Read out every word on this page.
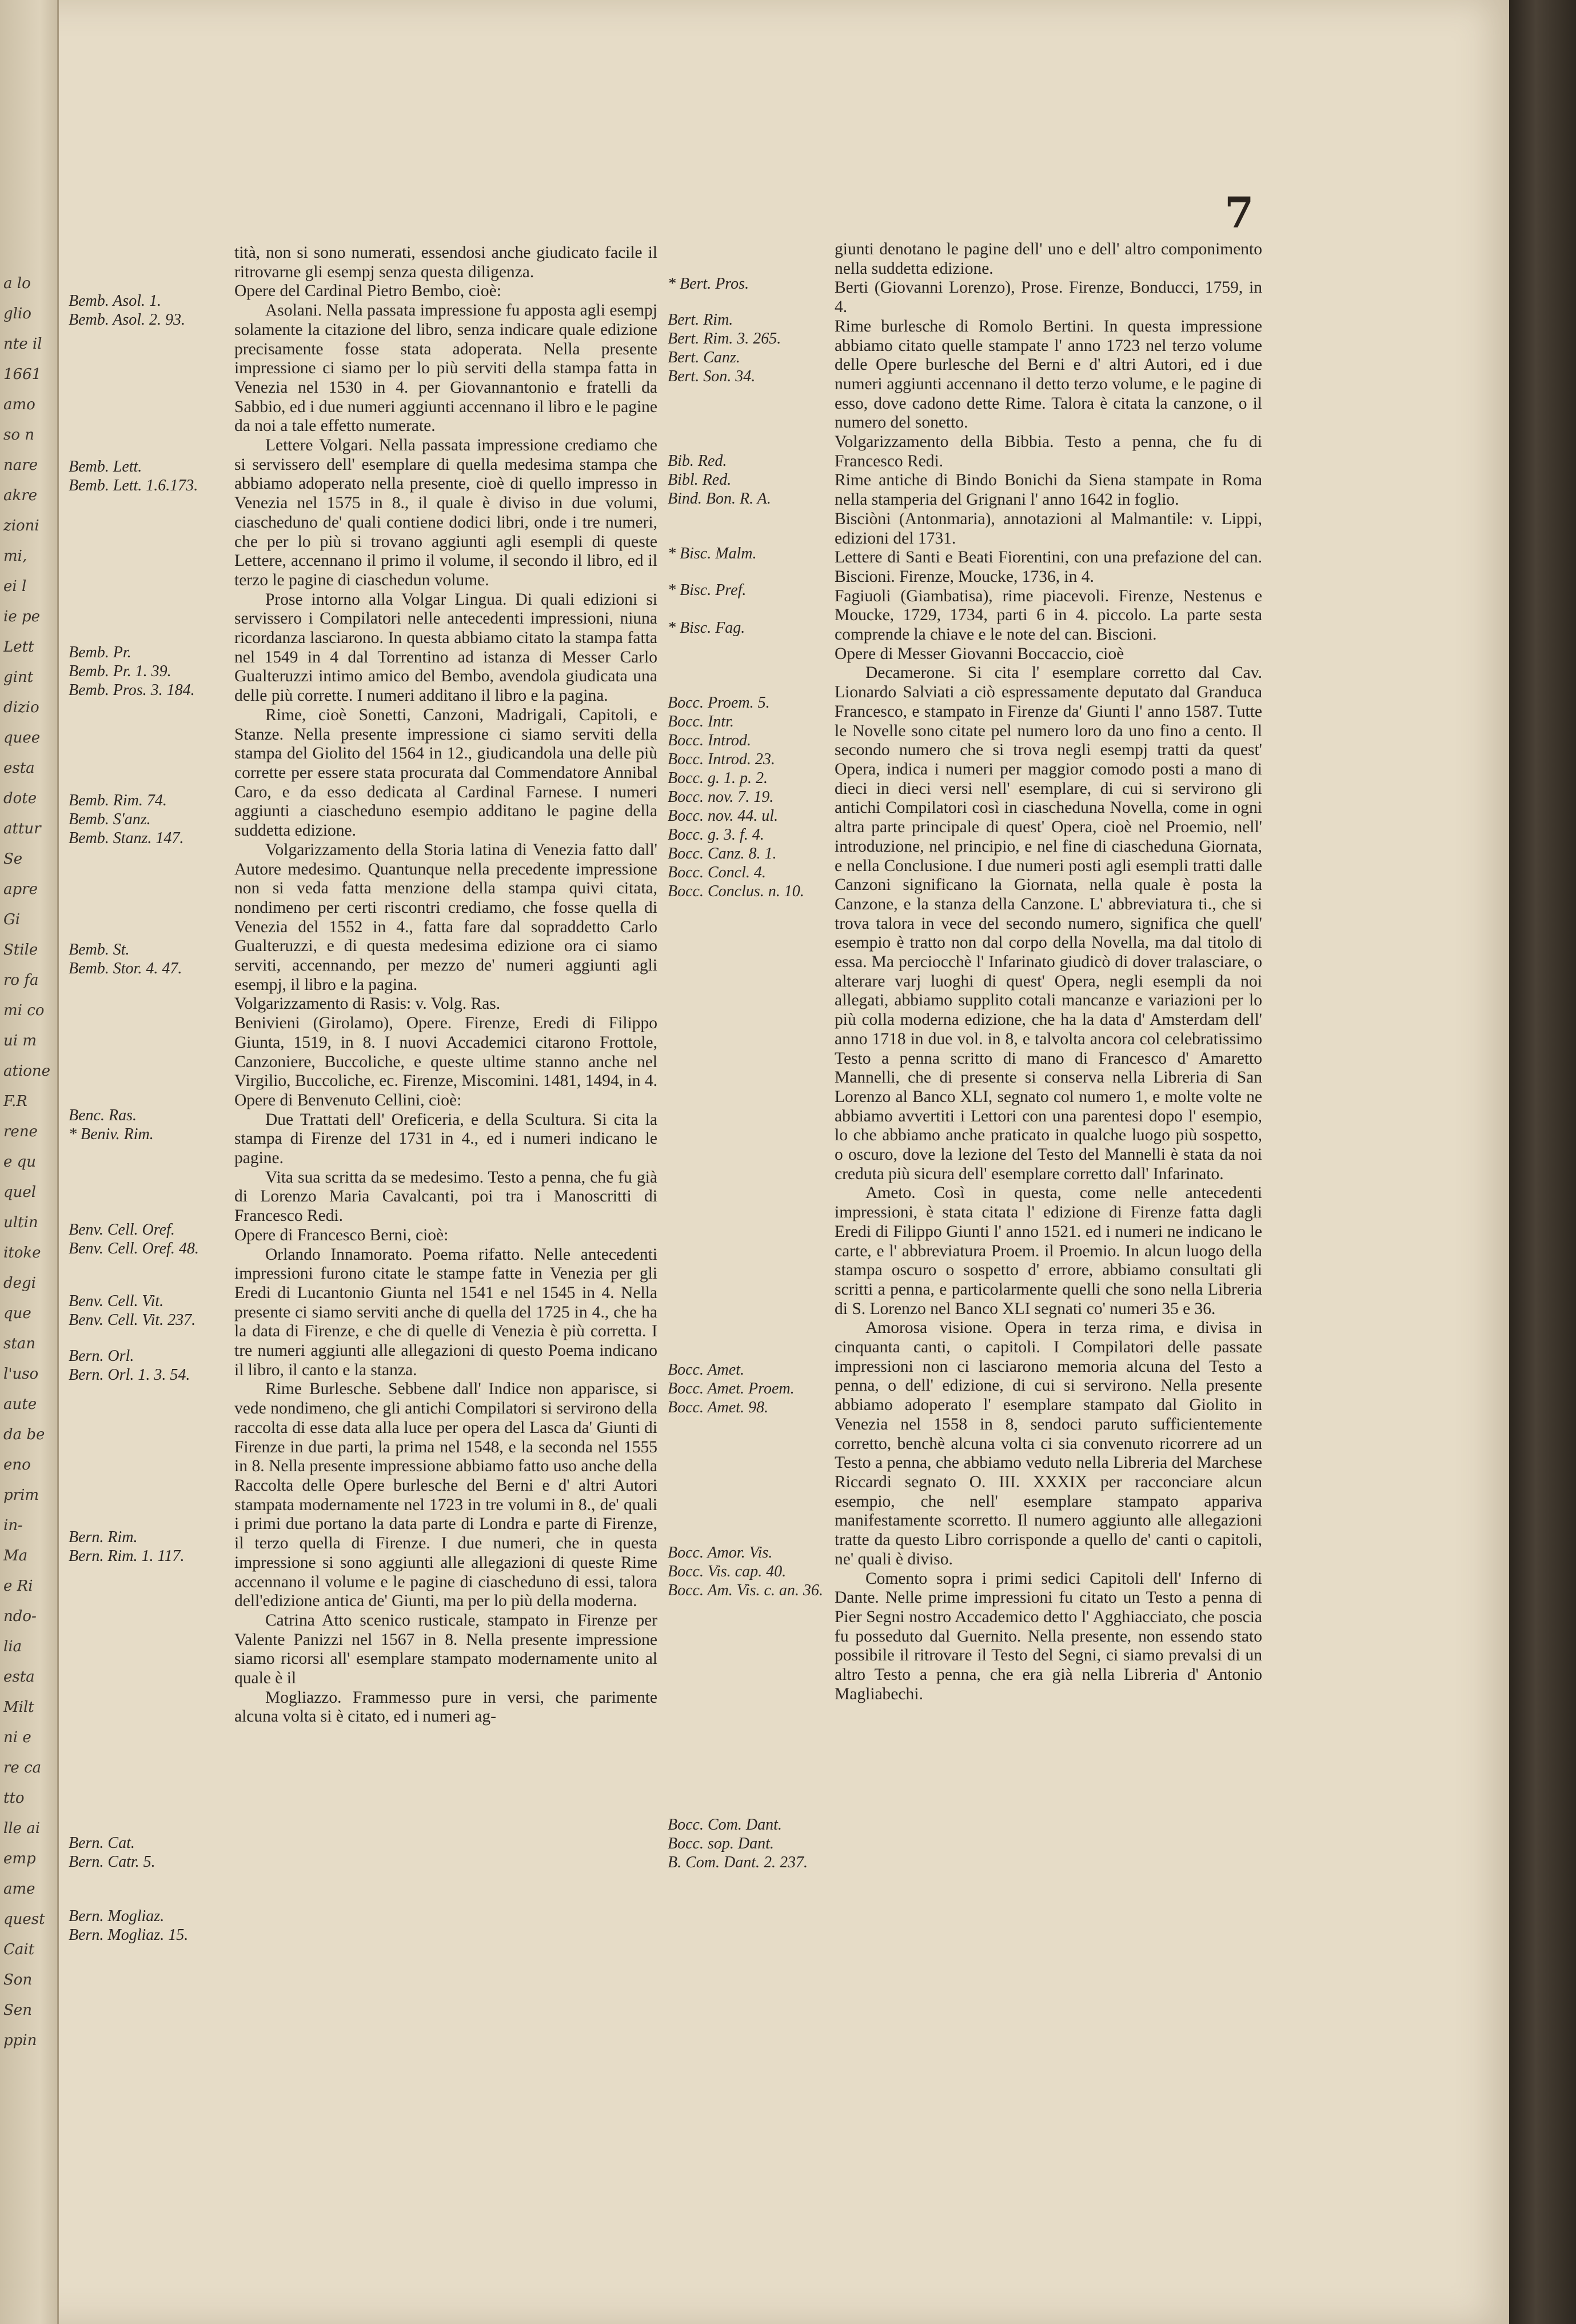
a lo
glio
nte il
1661
amo
so n
nare
akre
zioni
mi,
ei l
ie pe
Lett
gint
dizio
quee
esta
dote
attur
Se
apre
Gi
Stile
ro fa
mi co
ui m
atione
F.R
rene
e qu
quel
ultin
itoke
degi
que
stan
l'uso
aute
da be
eno
prim
in-
Ma
e Ri
ndo-
lia
esta
Milt
ni e
re ca
tto
lle ai
emp
ame
quest
Cait
Son
Sen
ppin
7
Bemb. Asol. 1.
Bemb. Asol. 2. 93.
Bemb. Lett.
Bemb. Lett. 1.6.173.
Bemb. Pr.
Bemb. Pr. 1. 39.
Bemb. Pros. 3. 184.
Bemb. Rim. 74.
Bemb. S'anz.
Bemb. Stanz. 147.
Bemb. St.
Bemb. Stor. 4. 47.
Benc. Ras.
* Beniv. Rim.
Benv. Cell. Oref.
Benv. Cell. Oref. 48.
Benv. Cell. Vit.
Benv. Cell. Vit. 237.
Bern. Orl.
Bern. Orl. 1. 3. 54.
Bern. Rim.
Bern. Rim. 1. 117.
Bern. Cat.
Bern. Catr. 5.
Bern. Mogliaz.
Bern. Mogliaz. 15.

tità, non si sono numerati, essendosi anche giudicato facile il ritrovarne gli esempj senza questa diligenza.

Opere del Cardinal Pietro Bembo, cioè:

Asolani. Nella passata impressione fu apposta agli esempj solamente la citazione del libro, senza indicare quale edizione precisamente fosse stata adoperata. Nella presente impressione ci siamo per lo più serviti della stampa fatta in Venezia nel 1530 in 4. per Giovannantonio e fratelli da Sabbio, ed i due numeri aggiunti accennano il libro e le pagine da noi a tale effetto numerate.

Lettere Volgari. Nella passata impressione crediamo che si servissero dell' esemplare di quella medesima stampa che abbiamo adoperato nella presente, cioè di quello impresso in Venezia nel 1575 in 8., il quale è diviso in due volumi, ciascheduno de' quali contiene dodici libri, onde i tre numeri, che per lo più si trovano aggiunti agli esempli di queste Lettere, accennano il primo il volume, il secondo il libro, ed il terzo le pagine di ciaschedun volume.

Prose intorno alla Volgar Lingua. Di quali edizioni si servissero i Compilatori nelle antecedenti impressioni, niuna ricordanza lasciarono. In questa abbiamo citato la stampa fatta nel 1549 in 4 dal Torrentino ad istanza di Messer Carlo Gualteruzzi intimo amico del Bembo, avendola giudicata una delle più corrette. I numeri additano il libro e la pagina.

Rime, cioè Sonetti, Canzoni, Madrigali, Capitoli, e Stanze. Nella presente impressione ci siamo serviti della stampa del Giolito del 1564 in 12., giudicandola una delle più corrette per essere stata procurata dal Commendatore Annibal Caro, e da esso dedicata al Cardinal Farnese. I numeri aggiunti a ciascheduno esempio additano le pagine della suddetta edizione.

Volgarizzamento della Storia latina di Venezia fatto dall' Autore medesimo. Quantunque nella precedente impressione non si veda fatta menzione della stampa quivi citata, nondimeno per certi riscontri crediamo, che fosse quella di Venezia del 1552 in 4., fatta fare dal sopraddetto Carlo Gualteruzzi, e di questa medesima edizione ora ci siamo serviti, accennando, per mezzo de' numeri aggiunti agli esempj, il libro e la pagina.

Volgarizzamento di Rasis: v. Volg. Ras.

Benivieni (Girolamo), Opere. Firenze, Eredi di Filippo Giunta, 1519, in 8. I nuovi Accademici citarono Frottole, Canzoniere, Buccoliche, e queste ultime stanno anche nel Virgilio, Buccoliche, ec. Firenze, Miscomini. 1481, 1494, in 4.

Opere di Benvenuto Cellini, cioè:

Due Trattati dell' Oreficeria, e della Scultura. Si cita la stampa di Firenze del 1731 in 4., ed i numeri indicano le pagine.

Vita sua scritta da se medesimo. Testo a penna, che fu già di Lorenzo Maria Cavalcanti, poi tra i Manoscritti di Francesco Redi.

Opere di Francesco Berni, cioè:

Orlando Innamorato. Poema rifatto. Nelle antecedenti impressioni furono citate le stampe fatte in Venezia per gli Eredi di Lucantonio Giunta nel 1541 e nel 1545 in 4. Nella presente ci siamo serviti anche di quella del 1725 in 4., che ha la data di Firenze, e che di quelle di Venezia è più corretta. I tre numeri aggiunti alle allegazioni di questo Poema indicano il libro, il canto e la stanza.

Rime Burlesche. Sebbene dall' Indice non apparisce, si vede nondimeno, che gli antichi Compilatori si servirono della raccolta di esse data alla luce per opera del Lasca da' Giunti di Firenze in due parti, la prima nel 1548, e la seconda nel 1555 in 8. Nella presente impressione abbiamo fatto uso anche della Raccolta delle Opere burlesche del Berni e d' altri Autori stampata modernamente nel 1723 in tre volumi in 8., de' quali i primi due portano la data parte di Londra e parte di Firenze, il terzo quella di Firenze. I due numeri, che in questa impressione si sono aggiunti alle allegazioni di queste Rime accennano il volume e le pagine di ciascheduno di essi, talora dell'edizione antica de' Giunti, ma per lo più della moderna.

Catrina Atto scenico rusticale, stampato in Firenze per Valente Panizzi nel 1567 in 8. Nella presente impressione siamo ricorsi all' esemplare stampato modernamente unito al quale è il

Mogliazzo. Frammesso pure in versi, che parimente alcuna volta si è citato, ed i numeri ag-

* Bert. Pros.
Bert. Rim.
Bert. Rim. 3. 265.
Bert. Canz.
Bert. Son. 34.
Bib. Red.
Bibl. Red.
Bind. Bon. R. A.
* Bisc. Malm.
* Bisc. Pref.
* Bisc. Fag.
Bocc. Proem. 5.
Bocc. Intr.
Bocc. Introd.
Bocc. Introd. 23.
Bocc. g. 1. p. 2.
Bocc. nov. 7. 19.
Bocc. nov. 44. ul.
Bocc. g. 3. f. 4.
Bocc. Canz. 8. 1.
Bocc. Concl. 4.
Bocc. Conclus. n. 10.
Bocc. Amet.
Bocc. Amet. Proem.
Bocc. Amet. 98.
Bocc. Amor. Vis.
Bocc. Vis. cap. 40.
Bocc. Am. Vis. c. an. 36.
Bocc. Com. Dant.
Bocc. sop. Dant.
B. Com. Dant. 2. 237.

giunti denotano le pagine dell' uno e dell' altro componimento nella suddetta edizione.

Berti (Giovanni Lorenzo), Prose. Firenze, Bonducci, 1759, in 4.

Rime burlesche di Romolo Bertini. In questa impressione abbiamo citato quelle stampate l' anno 1723 nel terzo volume delle Opere burlesche del Berni e d' altri Autori, ed i due numeri aggiunti accennano il detto terzo volume, e le pagine di esso, dove cadono dette Rime. Talora è citata la canzone, o il numero del sonetto.

Volgarizzamento della Bibbia. Testo a penna, che fu di Francesco Redi.

Rime antiche di Bindo Bonichi da Siena stampate in Roma nella stamperia del Grignani l' anno 1642 in foglio.

Bisciòni (Antonmaria), annotazioni al Malmantile: v. Lippi, edizioni del 1731.

Lettere di Santi e Beati Fiorentini, con una prefazione del can. Biscioni. Firenze, Moucke, 1736, in 4.

Fagiuoli (Giambatisa), rime piacevoli. Firenze, Nestenus e Moucke, 1729, 1734, parti 6 in 4. piccolo. La parte sesta comprende la chiave e le note del can. Biscioni.

Opere di Messer Giovanni Boccaccio, cioè

Decamerone. Si cita l' esemplare corretto dal Cav. Lionardo Salviati a ciò espressamente deputato dal Granduca Francesco, e stampato in Firenze da' Giunti l' anno 1587. Tutte le Novelle sono citate pel numero loro da uno fino a cento. Il secondo numero che si trova negli esempj tratti da quest' Opera, indica i numeri per maggior comodo posti a mano di dieci in dieci versi nell' esemplare, di cui si servirono gli antichi Compilatori così in ciascheduna Novella, come in ogni altra parte principale di quest' Opera, cioè nel Proemio, nell' introduzione, nel principio, e nel fine di ciascheduna Giornata, e nella Conclusione. I due numeri posti agli esempli tratti dalle Canzoni significano la Giornata, nella quale è posta la Canzone, e la stanza della Canzone. L' abbreviatura ti., che si trova talora in vece del secondo numero, significa che quell' esempio è tratto non dal corpo della Novella, ma dal titolo di essa. Ma perciocchè l' Infarinato giudicò di dover tralasciare, o alterare varj luoghi di quest' Opera, negli esempli da noi allegati, abbiamo supplito cotali mancanze e variazioni per lo più colla moderna edizione, che ha la data d' Amsterdam dell' anno 1718 in due vol. in 8, e talvolta ancora col celebratissimo Testo a penna scritto di mano di Francesco d' Amaretto Mannelli, che di presente si conserva nella Libreria di San Lorenzo al Banco XLI, segnato col numero 1, e molte volte ne abbiamo avvertiti i Lettori con una parentesi dopo l' esempio, lo che abbiamo anche praticato in qualche luogo più sospetto, o oscuro, dove la lezione del Testo del Mannelli è stata da noi creduta più sicura dell' esemplare corretto dall' Infarinato.

Ameto. Così in questa, come nelle antecedenti impressioni, è stata citata l' edizione di Firenze fatta dagli Eredi di Filippo Giunti l' anno 1521. ed i numeri ne indicano le carte, e l' abbreviatura Proem. il Proemio. In alcun luogo della stampa oscuro o sospetto d' errore, abbiamo consultati gli scritti a penna, e particolarmente quelli che sono nella Libreria di S. Lorenzo nel Banco XLI segnati co' numeri 35 e 36.

Amorosa visione. Opera in terza rima, e divisa in cinquanta canti, o capitoli. I Compilatori delle passate impressioni non ci lasciarono memoria alcuna del Testo a penna, o dell' edizione, di cui si servirono. Nella presente abbiamo adoperato l' esemplare stampato dal Giolito in Venezia nel 1558 in 8, sendoci paruto sufficientemente corretto, benchè alcuna volta ci sia convenuto ricorrere ad un Testo a penna, che abbiamo veduto nella Libreria del Marchese Riccardi segnato O. III. XXXIX per racconciare alcun esempio, che nell' esemplare stampato appariva manifestamente scorretto. Il numero aggiunto alle allegazioni tratte da questo Libro corrisponde a quello de' canti o capitoli, ne' quali è diviso.

Comento sopra i primi sedici Capitoli dell' Inferno di Dante. Nelle prime impressioni fu citato un Testo a penna di Pier Segni nostro Accademico detto l' Agghiacciato, che poscia fu posseduto dal Guernito. Nella presente, non essendo stato possibile il ritrovare il Testo del Segni, ci siamo prevalsi di un altro Testo a penna, che era già nella Libreria d' Antonio Magliabechi.
